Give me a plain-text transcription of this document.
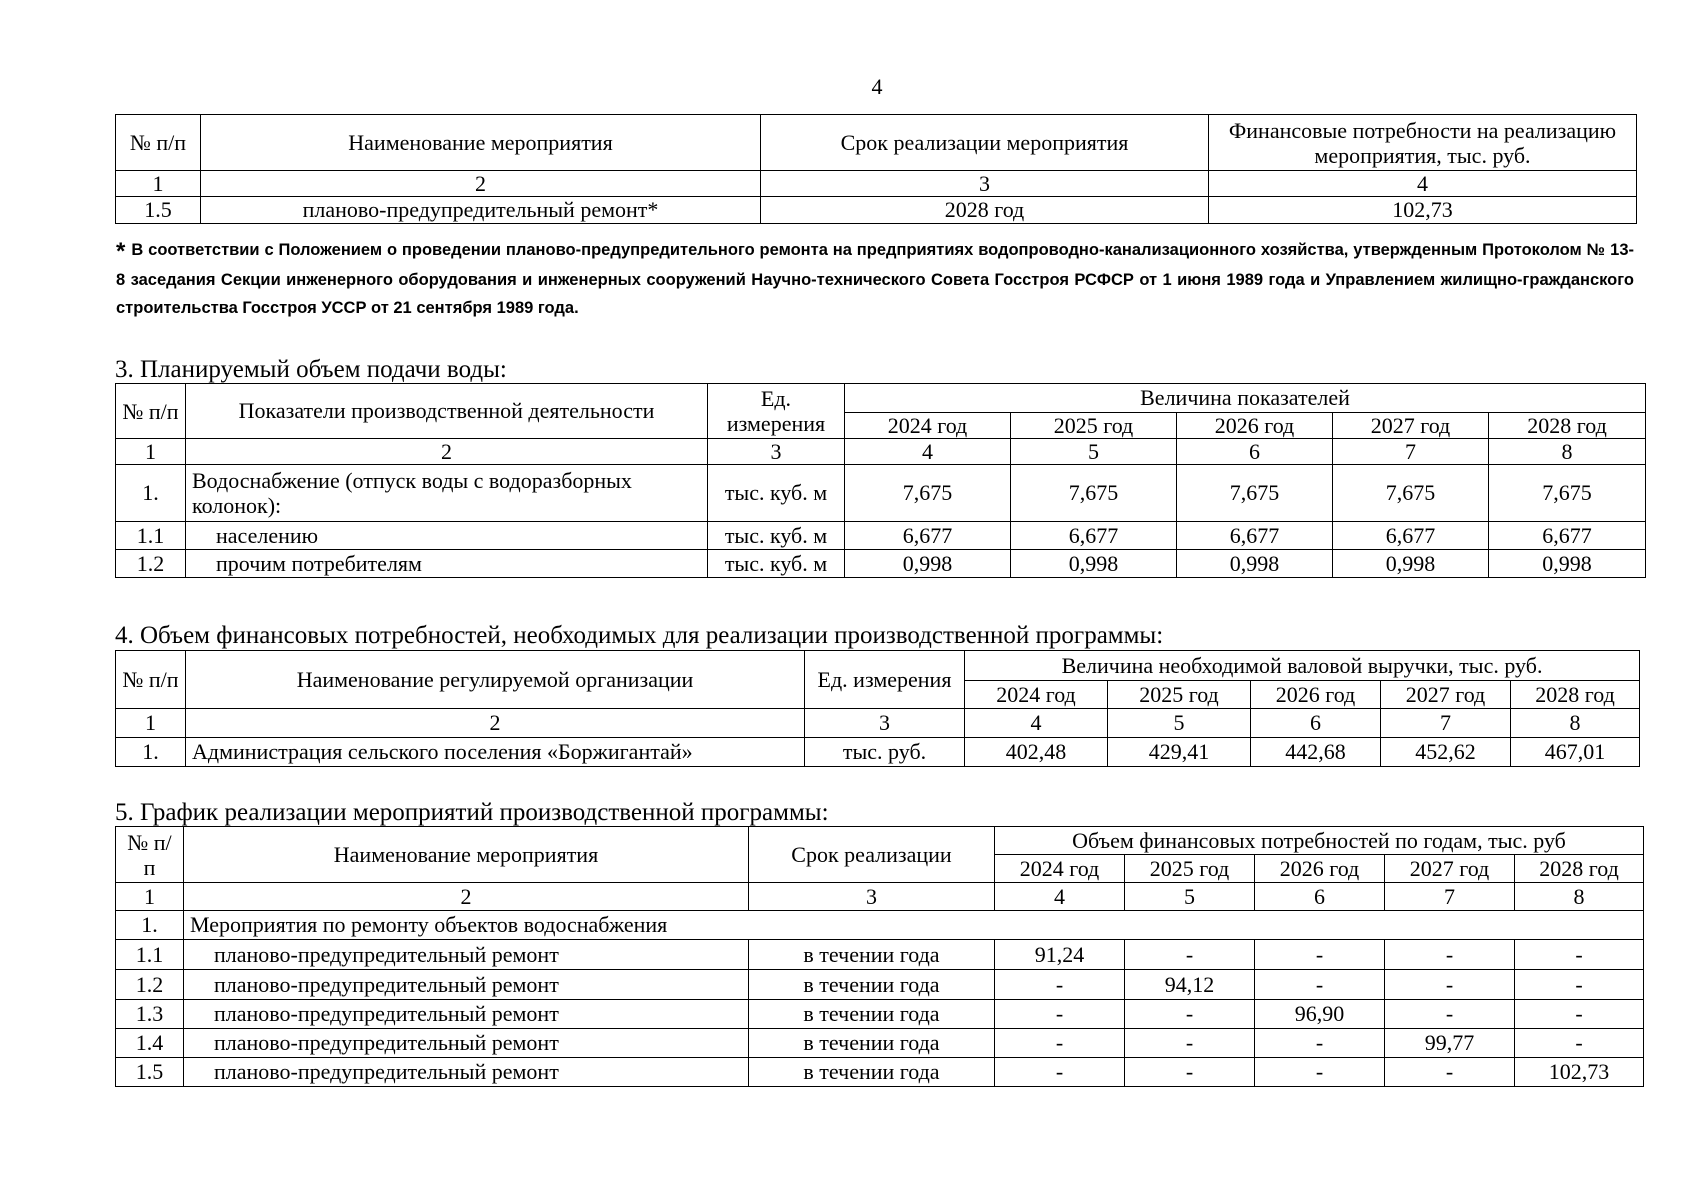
4
№ п/п	Наименование мероприятия	Срок реализации мероприятия	Финансовые потребности на реализацию мероприятия, тыс. руб.
1	2	3	4
1.5	планово-предупредительный ремонт*	2028 год	102,73
* В соответствии с Положением о проведении планово-предупредительного ремонта на предприятиях водопроводно-канализационного хозяйства, утвержденным Протоколом № 13-8 заседания Секции инженерного оборудования и инженерных сооружений Научно-технического Совета Госстроя РСФСР от 1 июня 1989 года и Управлением жилищно-гражданского строительства Госстроя УССР от 21 сентября 1989 года.
3. Планируемый объем подачи воды:
№ п/п	Показатели производственной деятельности	Ед. измерения	Величина показателей				
			2024 год	2025 год	2026 год	2027 год	2028 год
1	2	3	4	5	6	7	8
1.	Водоснабжение (отпуск воды с водоразборных колонок):	тыс. куб. м	7,675	7,675	7,675	7,675	7,675
1.1	населению	тыс. куб. м	6,677	6,677	6,677	6,677	6,677
1.2	прочим потребителям	тыс. куб. м	0,998	0,998	0,998	0,998	0,998
4. Объем финансовых потребностей, необходимых для реализации производственной программы:
№ п/п	Наименование регулируемой организации	Ед. измерения	Величина необходимой валовой выручки, тыс. руб.				
			2024 год	2025 год	2026 год	2027 год	2028 год
1	2	3	4	5	6	7	8
1.	Администрация сельского поселения «Боржигантай»	тыс. руб.	402,48	429,41	442,68	452,62	467,01
5. График реализации мероприятий производственной программы:
№ п/п	Наименование мероприятия	Срок реализации	Объем финансовых потребностей по годам, тыс. руб				
			2024 год	2025 год	2026 год	2027 год	2028 год
1	2	3	4	5	6	7	8
1.	Мероприятия по ремонту объектов водоснабжения						
1.1	планово-предупредительный ремонт	в течении года	91,24	-	-	-	-
1.2	планово-предупредительный ремонт	в течении года	-	94,12	-	-	-
1.3	планово-предупредительный ремонт	в течении года	-	-	96,90	-	-
1.4	планово-предупредительный ремонт	в течении года	-	-	-	99,77	-
1.5	планово-предупредительный ремонт	в течении года	-	-	-	-	102,73
